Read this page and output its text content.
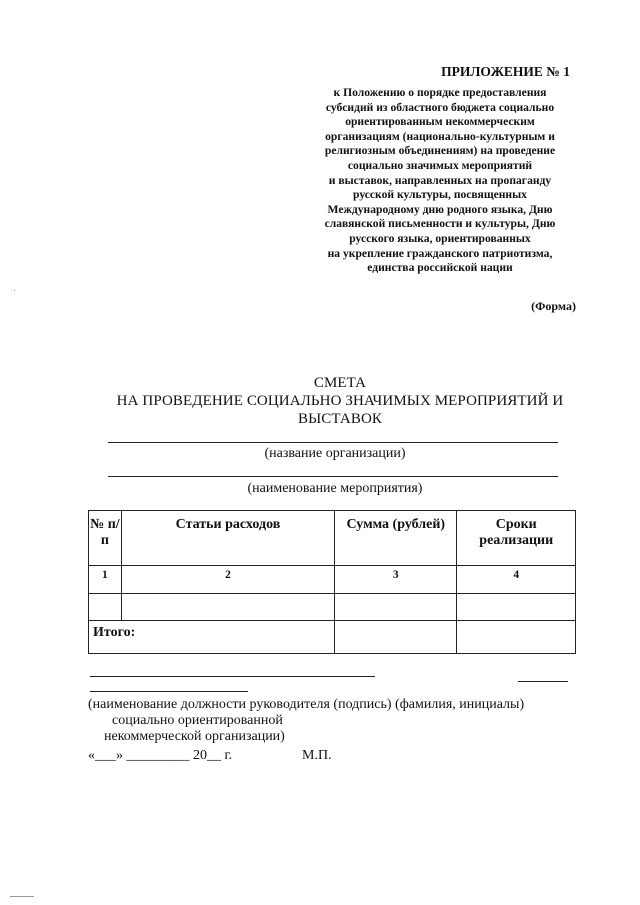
ПРИЛОЖЕНИЕ № 1
к Положению о порядке предоставления
субсидий из областного бюджета социально
ориентированным некоммерческим
организациям (национально-культурным и
религиозным объединениям) на проведение
социально значимых мероприятий
и выставок, направленных на пропаганду
русской культуры, посвященных
Международному дню родного языка, Дню
славянской письменности и культуры, Дню
русского языка, ориентированных
на укрепление гражданского патриотизма,
единства российской нации
(Форма)
СМЕТА
НА ПРОВЕДЕНИЕ СОЦИАЛЬНО ЗНАЧИМЫХ МЕРОПРИЯТИЙ И
ВЫСТАВОК
(название организации)
(наименование мероприятия)
№ п/п	Статьи расходов	Сумма (рублей)	Сроки реализации
1	2	3	4

Итого:			
(наименование должности руководителя (подпись) (фамилия, инициалы)
социально ориентированной
некоммерческой организации)
«___» _________ 20__ г.	М.П.
